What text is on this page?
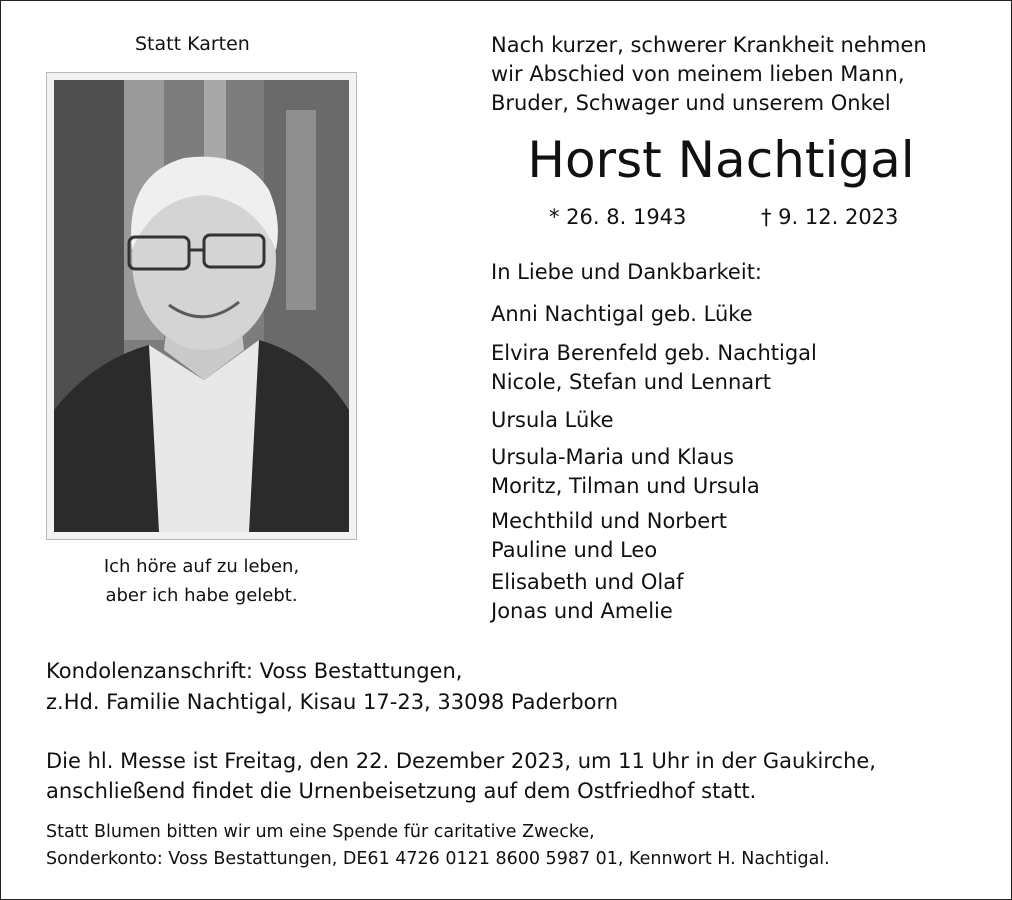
Statt Karten
Ich höre auf zu leben,
aber ich habe gelebt.
Nach kurzer, schwerer Krankheit nehmen
wir Abschied von meinem lieben Mann,
Bruder, Schwager und unserem Onkel
Horst Nachtigal
* 26. 8. 1943	† 9. 12. 2023
In Liebe und Dankbarkeit:
Anni Nachtigal geb. Lüke
Elvira Berenfeld geb. Nachtigal
Nicole, Stefan und Lennart
Ursula Lüke
Ursula-Maria und Klaus
Moritz, Tilman und Ursula
Mechthild und Norbert
Pauline und Leo
Elisabeth und Olaf
Jonas und Amelie
Kondolenzanschrift: Voss Bestattungen,
z.Hd. Familie Nachtigal, Kisau 17-23, 33098 Paderborn
Die hl. Messe ist Freitag, den 22. Dezember 2023, um 11 Uhr in der Gaukirche,
anschließend findet die Urnenbeisetzung auf dem Ostfriedhof statt.
Statt Blumen bitten wir um eine Spende für caritative Zwecke,
Sonderkonto: Voss Bestattungen, DE61 4726 0121 8600 5987 01, Kennwort H. Nachtigal.
